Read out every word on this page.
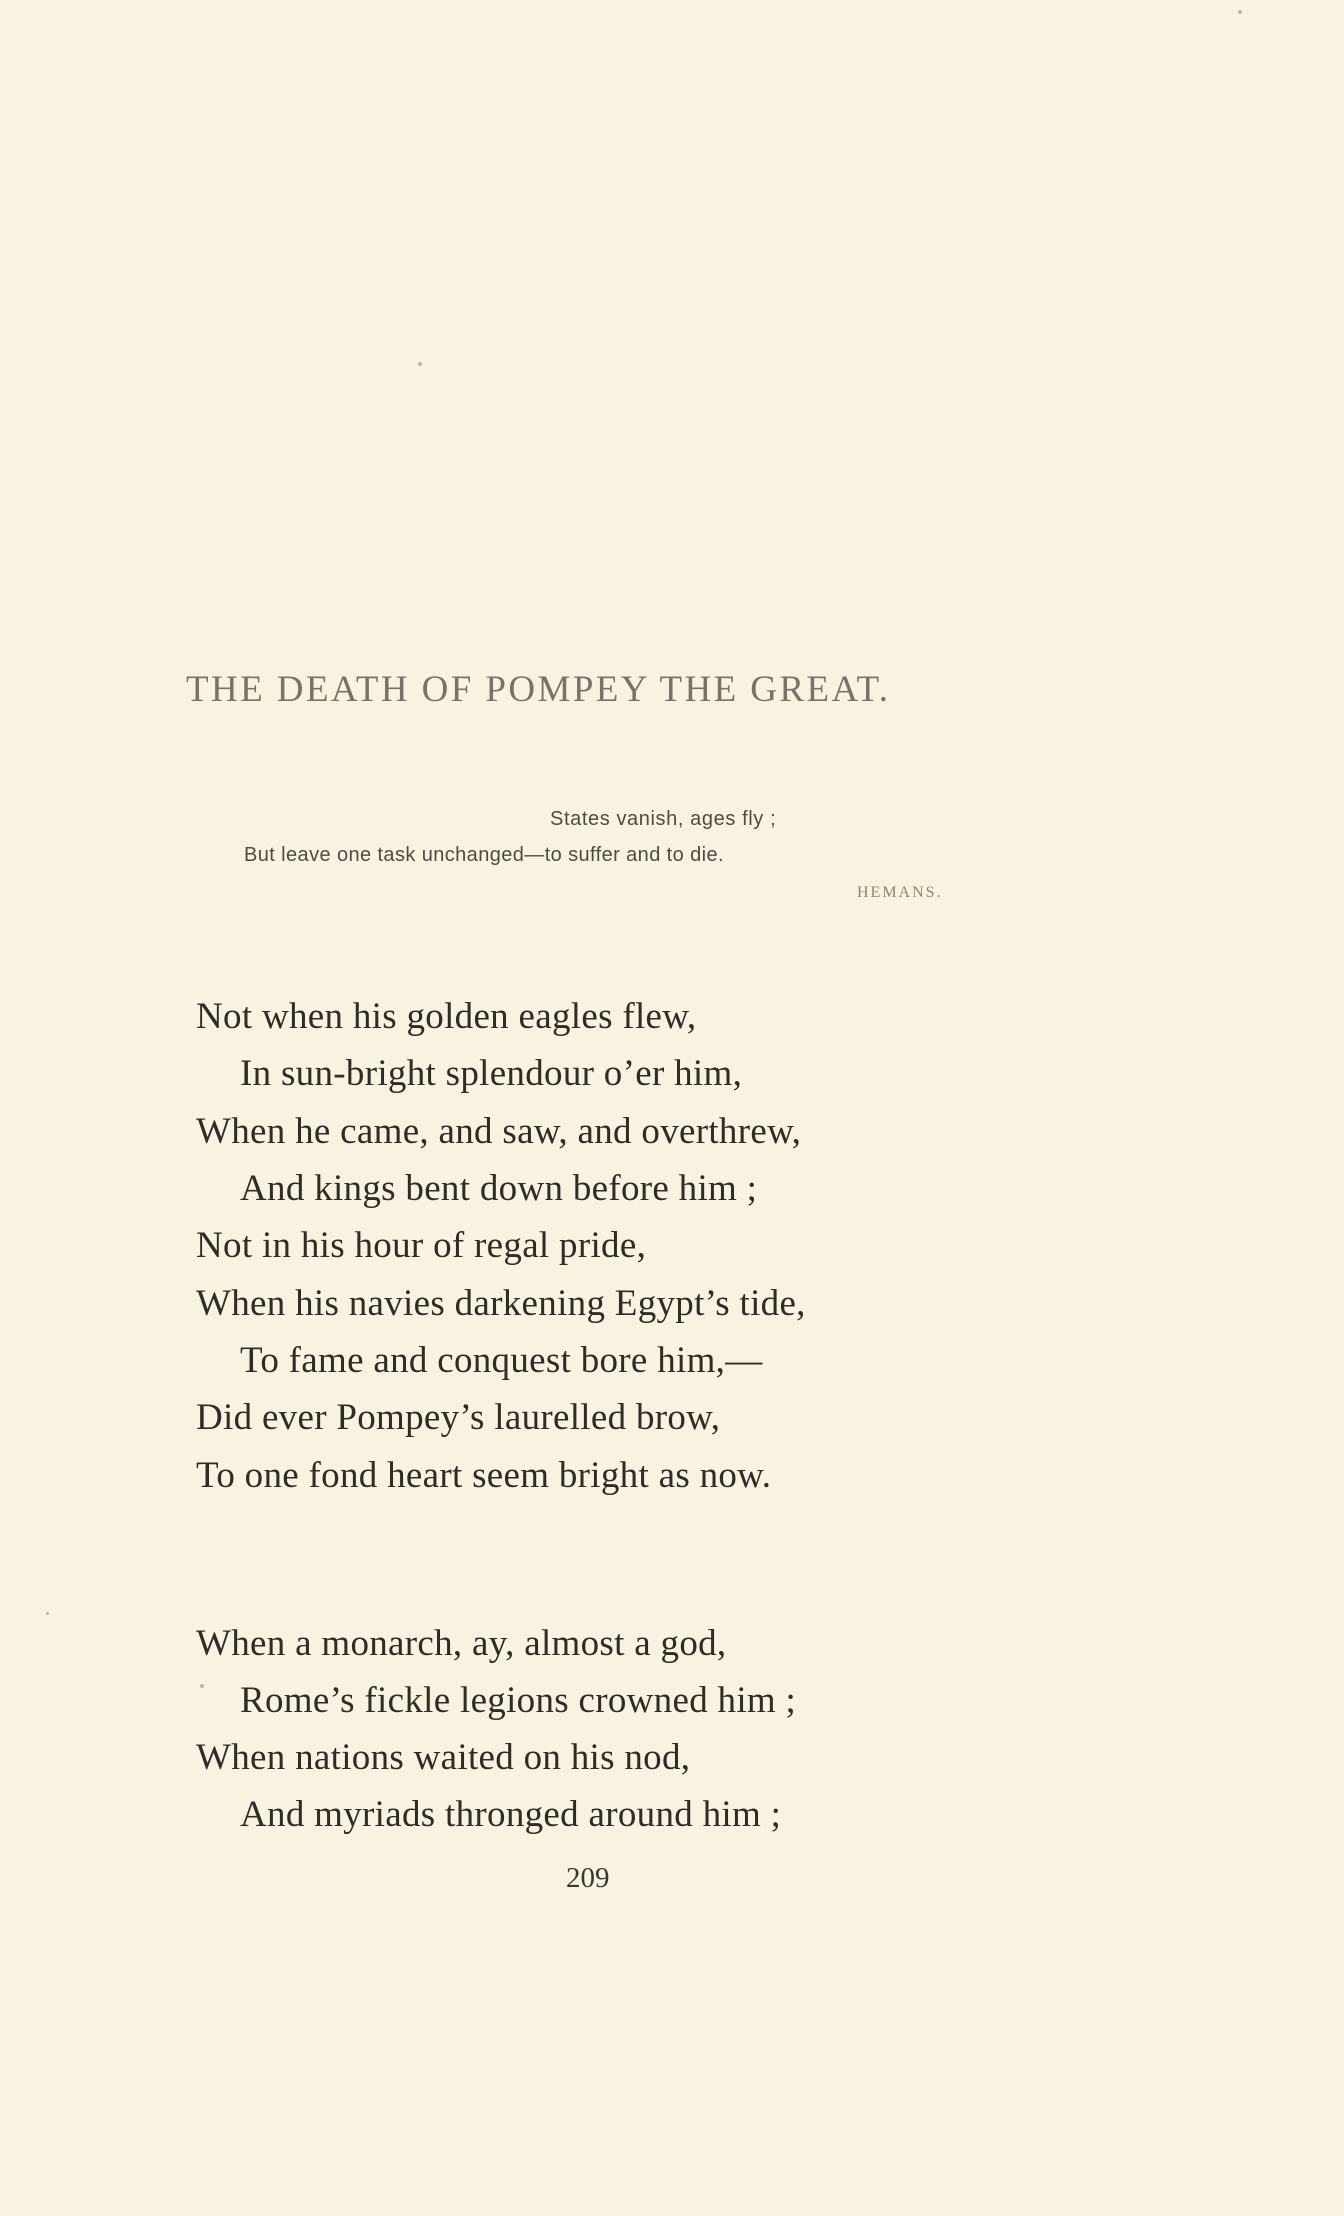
THE DEATH OF POMPEY THE GREAT.
States vanish, ages fly ;
But leave one task unchanged—to suffer and to die.
HEMANS.
Not when his golden eagles flew,
In sun-bright splendour o’er him,
When he came, and saw, and overthrew,
And kings bent down before him ;
Not in his hour of regal pride,
When his navies darkening Egypt’s tide,
To fame and conquest bore him,—
Did ever Pompey’s laurelled brow,
To one fond heart seem bright as now.
When a monarch, ay, almost a god,
Rome’s fickle legions crowned him ;
When nations waited on his nod,
And myriads thronged around him ;
209
